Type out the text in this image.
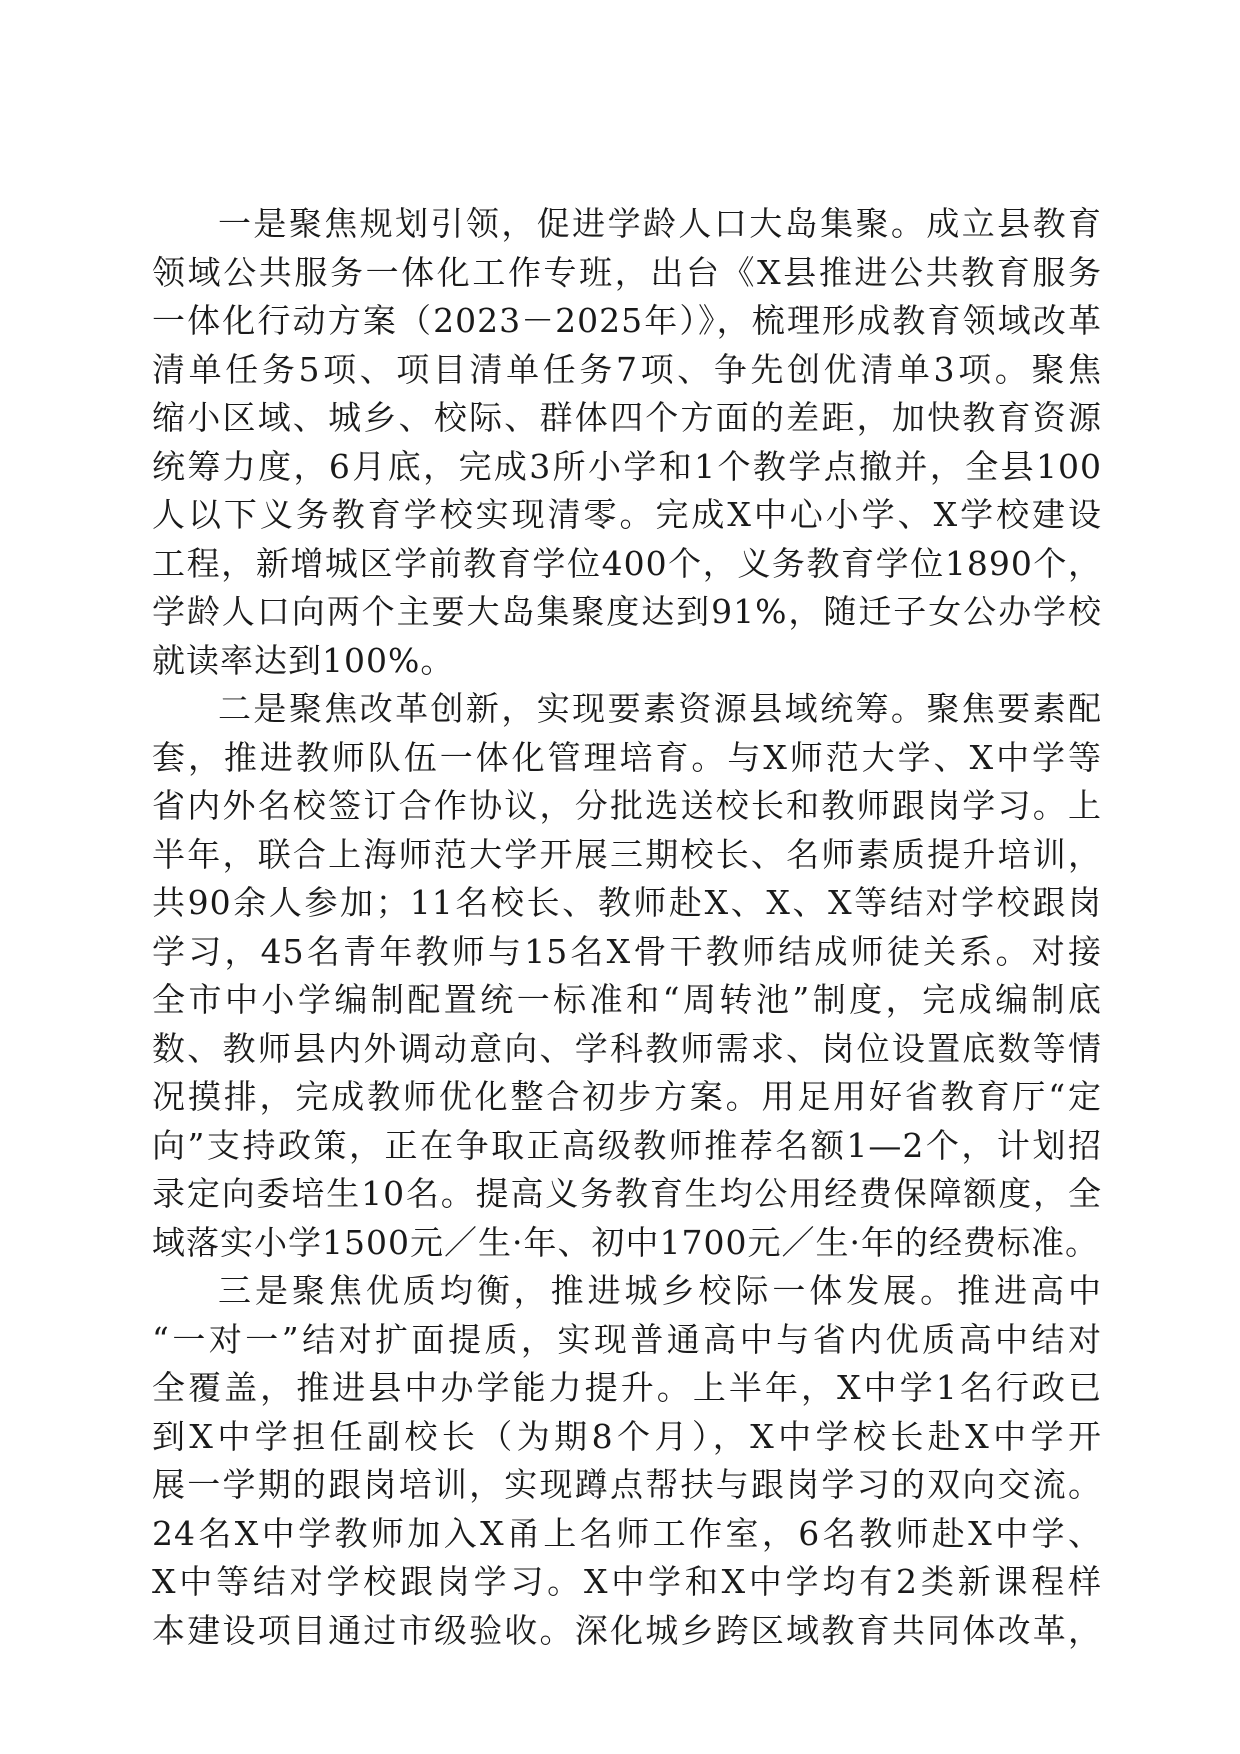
一是聚焦规划引领，促进学龄人口大岛集聚。成立县教育
领域公共服务一体化工作专班，出台《X县推进公共教育服务
一体化行动方案（2023－2025年）》，梳理形成教育领域改革
清单任务5项、项目清单任务7项、争先创优清单3项。聚焦
缩小区域、城乡、校际、群体四个方面的差距，加快教育资源
统筹力度，6月底，完成3所小学和1个教学点撤并，全县100
人以下义务教育学校实现清零。完成X中心小学、X学校建设
工程，新增城区学前教育学位400个，义务教育学位1890个，
学龄人口向两个主要大岛集聚度达到91%，随迁子女公办学校
就读率达到100%。
二是聚焦改革创新，实现要素资源县域统筹。聚焦要素配
套，推进教师队伍一体化管理培育。与X师范大学、X中学等
省内外名校签订合作协议，分批选送校长和教师跟岗学习。上
半年，联合上海师范大学开展三期校长、名师素质提升培训，
共90余人参加；11名校长、教师赴X、X、X等结对学校跟岗
学习，45名青年教师与15名X骨干教师结成师徒关系。对接
全市中小学编制配置统一标准和“周转池”制度，完成编制底
数、教师县内外调动意向、学科教师需求、岗位设置底数等情
况摸排，完成教师优化整合初步方案。用足用好省教育厅“定
向”支持政策，正在争取正高级教师推荐名额1—2个，计划招
录定向委培生10名。提高义务教育生均公用经费保障额度，全
域落实小学1500元／生·年、初中1700元／生·年的经费标准。
三是聚焦优质均衡，推进城乡校际一体发展。推进高中
“一对一”结对扩面提质，实现普通高中与省内优质高中结对
全覆盖，推进县中办学能力提升。上半年，X中学1名行政已
到X中学担任副校长（为期8个月），X中学校长赴X中学开
展一学期的跟岗培训，实现蹲点帮扶与跟岗学习的双向交流。
24名X中学教师加入X甬上名师工作室，6名教师赴X中学、
X中等结对学校跟岗学习。X中学和X中学均有2类新课程样
本建设项目通过市级验收。深化城乡跨区域教育共同体改革，
